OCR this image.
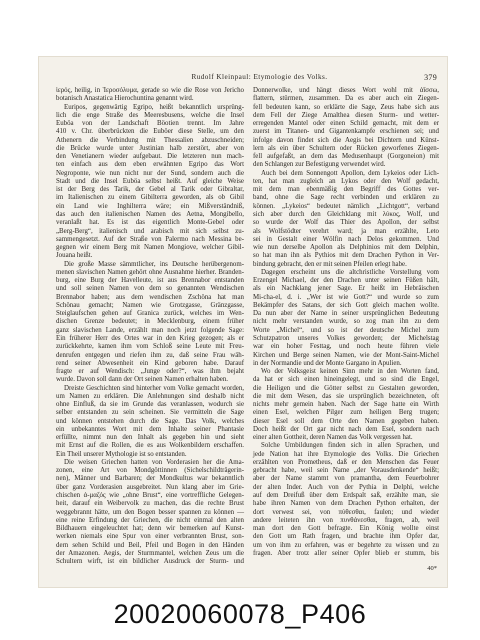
Rudolf Kleinpaul: Etymologie des Volks.	379
ἱερός, heilig, in Ἱεροσόλυμα, gerade so wie die Rose von Jericho
botanisch Anastatica Hierochuntina genannt wird.
Euripos, gegenwärtig Egripo, heißt bekanntlich ursprüng-
lich die enge Straße des Meeresbusens, welche die Insel
Euböa von der Landschaft Böotien trennt. Im Jahre
410 v. Chr. überbrückten die Euböer diese Stelle, um den
Athenern die Verbindung mit Thessalien abzuschneiden;
die Brücke wurde unter Justinian halb zerstört, aber von
den Venetianern wieder aufgebaut. Die letzteren nun mach-
ten einfach aus dem eben erwähnten Egripo das Wort
Negroponte, wie nun nicht nur der Sund, sondern auch die
Stadt und die Insel Euböa selbst heißt. Auf gleiche Weise
ist der Berg des Tarik, der Gebel al Tarik oder Gibraltar,
im Italienischen zu einem Gibilterra geworden, als ob Gibil
ein Land wie Inghilterra wäre; ein Mißverständniß,
das auch den italienischen Namen des Aetna, Mongibello,
veranlaßt hat. Es ist das eigentlich Monte-Gebel oder
„Berg-Berg“, italienisch und arabisch mit sich selbst zu-
sammengesetzt. Auf der Straße von Palermo nach Messina be-
gegnen wir einem Berg mit Namen Mongiove, welcher Gibil-
Jouana heißt.
Die große Masse sämmtlicher, ins Deutsche herübergenom-
menen slavischen Namen gehört ohne Ausnahme hierher. Branden-
burg, eine Burg der Havelleute, ist aus Brennabor entstanden
und soll seinen Namen von dem so genannten Wendischen
Brennabor haben; aus dem wendischen Zschöna hat man
Schönau gemacht; Namen wie Grotzgasse, Gränzgasse,
Steiglaufschen gehen auf Granica zurück, welches im Wen-
dischen Grenze bedeutet; in Mecklenburg, einem früher
ganz slavischen Lande, erzählt man noch jetzt folgende Sage:
Ein früherer Herr des Ortes war in den Krieg gezogen; als er
zurückkehrte, kamen ihm vom Schloß seine Leute mit Freu-
denrufen entgegen und riefen ihm zu, daß seine Frau wäh-
rend seiner Abwesenheit ein Kind geboren habe. Darauf
fragte er auf Wendisch: „Junge oder?“, was ihm bejaht
wurde. Davon soll dann der Ort seinen Namen erhalten haben.
Dreiste Geschichten sind hinterher vom Volke gemacht worden,
um Namen zu erklären. Die Anlehnungen sind deshalb nicht
ohne Einfluß, da sie im Grunde das veranlassen, wodurch sie
selber entstanden zu sein scheinen. Sie vermitteln die Sage
und können entstehen durch die Sage. Das Volk, welches
ein unbekanntes Wort mit dem Inhalte seiner Phantasie
erfüllte, nimmt nun den Inhalt als gegeben hin und sieht
mit Ernst auf die Rollen, die es aus Wolkenbildern erschaffen.
Ein Theil unserer Mythologie ist so entstanden.
Die weisen Griechen hatten von Vorderasien her die Ama-
zonen, eine Art von Mondgöttinnen (Sichelschildträgerin-
nen), Männer und Barbaren; der Mondkultus war bekanntlich
über ganz Vorderasien ausgebreitet. Nun klang aber im Grie-
chischen ἀ-μαζός wie „ohne Brust“, eine vortreffliche Gelegen-
heit, darauf ein Weibervolk zu machen, das die rechte Brust
weggebrannt hätte, um den Bogen besser spannen zu können —
eine reine Erfindung der Griechen, die nicht einmal den alten
Bildhauern eingeleuchtet hat; denn wir bemerken auf Kunst-
werken niemals eine Spur von einer verbrannten Brust, son-
dern sehen Schild und Beil, Pfeil und Bogen in den Händen
der Amazonen. Aegis, der Sturmmantel, welchen Zeus um die
Schultern wirft, ist ein bildlicher Ausdruck der Sturm- und
Donnerwolke, und hängt dieses Wort wohl mit ἀΐσσω,
flattern, stürmen, zusammen. Da es aber auch ein Ziegen-
fell bedeuten kann, so erklärte die Sage, Zeus habe sich aus
dem Fell der Ziege Amalthea diesen Sturm- und wetter-
erregenden Mantel oder einen Schild gemacht, mit dem er
zuerst im Titanen- und Gigantenkampfe erschienen sei; und
infolge davon findet sich die Aegis bei Dichtern und Künst-
lern als ein über Schultern oder Rücken geworfenes Ziegen-
fell aufgefaßt, an dem das Medusenhaupt (Gorgoneion) mit
den Schlangen zur Befestigung verwendet wird.
Auch bei dem Sonnengott Apollon, dem Lykeios oder Lich-
ten, hat man zugleich an Lykos oder den Wolf gedacht,
mit dem man ebenmäßig den Begriff des Gottes ver-
band, ohne die Sage recht verbinden und erklären zu
können. „Lykeios“ bedeutet nämlich „Lichtgott“, verband
sich aber durch den Gleichklang mit λύκος, Wolf, und
so wurde der Wolf das Thier des Apollon, der selbst
als Wolfstödter verehrt ward; ja man erzählte, Leto
sei in Gestalt einer Wölfin nach Delos gekommen. Und
wie nun derselbe Apollon als Delphinios mit dem Delphin,
so hat man ihn als Pythios mit dem Drachen Python in Ver-
bindung gebracht, den er mit seinen Pfeilen erlegt habe.
Dagegen erscheint uns die altchristliche Vorstellung vom
Erzengel Michael, der den Drachen unter seinen Füßen hält,
als ein Nachklang jener Sage. Er heißt im Hebräischen
Mi-cha-el, d. i. „Wer ist wie Gott?“ und wurde so zum
Bekämpfer des Satans, der sich Gott gleich machen wollte.
Da nun aber der Name in seiner ursprünglichen Bedeutung
nicht mehr verstanden wurde, so zog man ihn zu dem
Worte „Michel“, und so ist der deutsche Michel zum
Schutzpatron unseres Volkes geworden; der Michelstag
war ein hoher Festtag, und noch heute führen viele
Kirchen und Berge seinen Namen, wie der Mont-Saint-Michel
in der Normandie und der Monte Gargano in Apulien.
Wo der Volksgeist keinen Sinn mehr in den Worten fand,
da hat er sich einen hineingelegt, und so sind die Engel,
die Heiligen und die Götter selbst zu Gestalten geworden,
die mit dem Wesen, das sie ursprünglich bezeichneten, oft
nichts mehr gemein haben. Nach der Sage hatte ein Wirth
einen Esel, welchen Pilger zum heiligen Berg trugen;
dieser Esel soll dem Orte den Namen gegeben haben.
Doch heißt der Ort gar nicht nach dem Esel, sondern nach
einer alten Gottheit, deren Namen das Volk vergessen hat.
Solche Umbildungen finden sich in allen Sprachen, und
jede Nation hat ihre Etymologie des Volks. Die Griechen
erzählten von Prometheus, daß er den Menschen das Feuer
gebracht habe, weil sein Name „der Vorausdenkende“ heißt;
aber der Name stammt von pramantha, dem Feuerbohrer
der alten Inder. Auch von der Pythia in Delphi, welche
auf dem Dreifuß über dem Erdspalt saß, erzählte man, sie
habe ihren Namen von dem Drachen Python erhalten, der
dort verwest sei, von πύθεσθαι, faulen; und wieder
andere leiteten ihn von πυνθάνεσθαι, fragen, ab, weil
man dort den Gott befragte. Ein König wollte einst
den Gott um Rath fragen, und brachte ihm Opfer dar,
um von ihm zu erfahren, was er begehrte zu wissen und zu
fragen. Aber trotz aller seiner Opfer blieb er stumm, bis
40*
20020060078_P406
